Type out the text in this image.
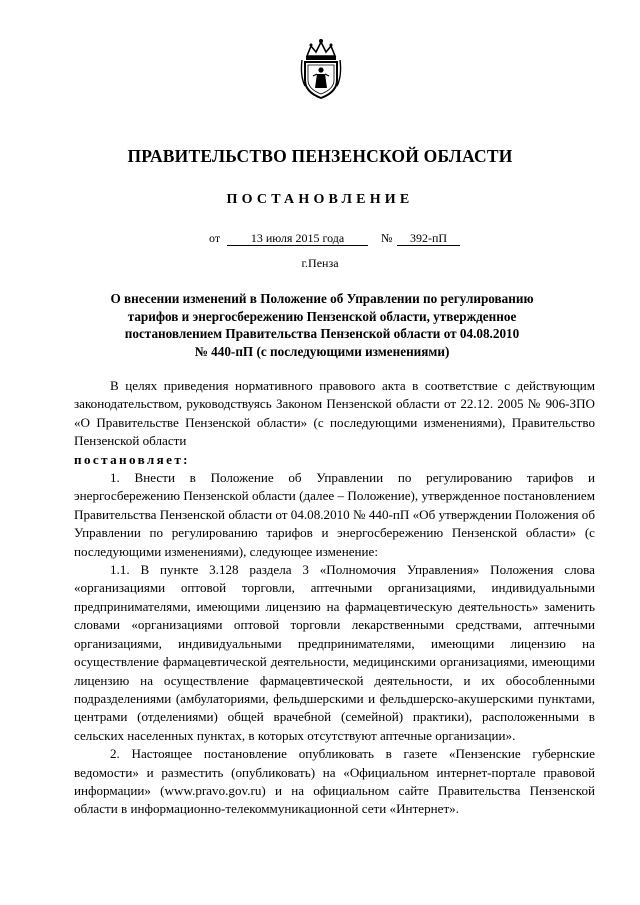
ПРАВИТЕЛЬСТВО ПЕНЗЕНСКОЙ ОБЛАСТИ
ПОСТАНОВЛЕНИЕ
от	13 июля 2015 года	№	392-пП
г.Пенза
О внесении изменений в Положение об Управлении по регулированию
тарифов и энергосбережению Пензенской области, утвержденное
постановлением Правительства Пензенской области от 04.08.2010
№ 440-пП (с последующими изменениями)

В целях приведения нормативного правового акта в соответствие с действующим законодательством, руководствуясь Законом Пензенской области от 22.12. 2005 № 906-ЗПО «О Правительстве Пензенской области» (с последующими изменениями), Правительство Пензенской области

постановляет:

1. Внести в Положение об Управлении по регулированию тарифов и энергосбережению Пензенской области (далее – Положение), утвержденное постановлением Правительства Пензенской области от 04.08.2010 № 440-пП «Об утверждении Положения об Управлении по регулированию тарифов и энергосбережению Пензенской области» (с последующими изменениями), следующее изменение:

1.1. В пункте 3.128 раздела 3 «Полномочия Управления» Положения слова «организациями оптовой торговли, аптечными организациями, индивидуальными предпринимателями, имеющими лицензию на фармацевтическую деятельность» заменить словами «организациями оптовой торговли лекарственными средствами, аптечными организациями, индивидуальными предпринимателями, имеющими лицензию на осуществление фармацевтической деятельности, медицинскими организациями, имеющими лицензию на осуществление фармацевтической деятельности, и их обособленными подразделениями (амбулаториями, фельдшерскими и фельдшерско-акушерскими пунктами, центрами (отделениями) общей врачебной (семейной) практики), расположенными в сельских населенных пунктах, в которых отсутствуют аптечные организации».

2. Настоящее постановление опубликовать в газете «Пензенские губернские ведомости» и разместить (опубликовать) на «Официальном интернет-портале правовой информации» (www.pravo.gov.ru) и на официальном сайте Правительства Пензенской области в информационно-телекоммуникационной сети «Интернет».
